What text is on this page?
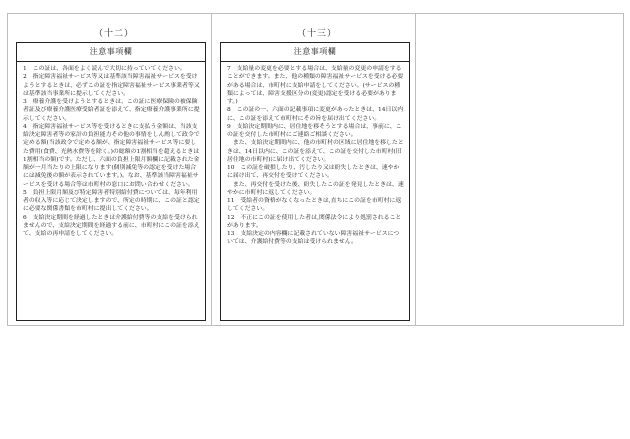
（十二）
注意事項欄

1　この証は、各面をよく読んで大切に持っていてください。

2　指定障害福祉サービス等又は基準該当障害福祉サービスを受けようとするときは、必ずこの証を指定障害福祉サービス事業者等又は基準該当事業所に提示してください。

3　療養介護を受けようとするときは、この証に医療保険の被保険者証及び療養介護医療受給者証を添えて、指定療養介護事業所に提示してください。

4　指定障害福祉サービス等を受けるときに支払う金額は、当該支給決定障害者等の家計の負担能力その他の事情をしん酌して政令で定める額(当該政令で定める額が、指定障害福祉サービス等に要した費用(食費、光熱水費等を除く。)の総額の1割相当を超えるときは1割相当の額)です。ただし、六面の負担上限月額欄に記載された金額が一月当たりの上限になります(個別減免等の認定を受けた場合には減免後の額が表示されています。)。なお、基準該当障害福祉サービスを受ける場合等は市町村の窓口にお問い合わせください。

5　負担上限月額及び特定障害者特別給付費については、毎年利用者の収入等に応じて決定しますので、所定の時期に、この証と認定に必要な関係書類を市町村に提出してください。

6　支給決定期間を経過したときは介護給付費等の支給を受けられませんので、支給決定期間を経過する前に、市町村にこの証を添えて、支給の再申請をしてください。

（十三）
注意事項欄

7　支給量の変更を必要とする場合は、支給量の変更の申請をすることができます。また、他の種類の障害福祉サービスを受ける必要がある場合は、市町村に支給申請をしてください。(サービスの種類によっては、障害支援区分の(変更)認定を受ける必要があります。)

8　この証の一、六面の記載事項に変更があったときは、14日以内に、この証を添えて市町村にその旨を届け出てください。

9　支給決定期間内に、居住地を移そうとする場合は、事前に、この証を交付した市町村にご連絡ご相談ください。

　また、支給決定期間内に、他の市町村の区域に居住地を移したときは、14日以内に、この証を添えて、この証を交付した市町村(旧居住地の市町村)に届け出てください。

10　この証を破損したり、汚したり又は紛失したときは、速やかに届け出て、再交付を受けてください。

　また、再交付を受けた後、紛失したこの証を発見したときは、速やかに市町村に返してください。

11　受給者の資格がなくなったときは,直ちにこの証を市町村に返してください。

12　不正にこの証を使用した者は,関係法令により処罰されることがあります。

13　支給決定の内容欄に記載されていない障害福祉サービスについては、介護給付費等の支給は受けられません。
